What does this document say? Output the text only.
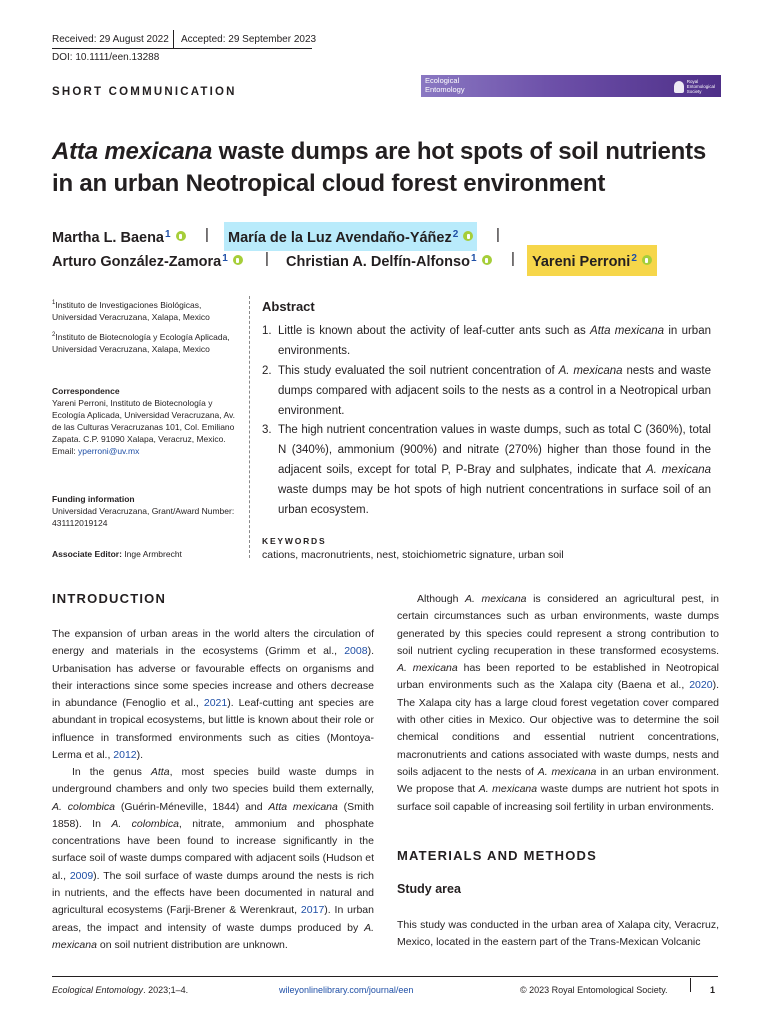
Received: 29 August 2022 Accepted: 29 September 2023
DOI: 10.1111/een.13288
SHORT COMMUNICATION
Ecological
Entomology
Royal
Entomological
Society
Atta mexicana waste dumps are hot spots of soil nutrients in an urban Neotropical cloud forest environment
Martha L. Baena$^1$	| María de la Luz Avendaño-Yáñez$^2$	|
Arturo González-Zamora$^1$	| Christian A. Delfín-Alfonso$^1$	|	Yareni Perroni$^2$
$^1$Instituto de Investigaciones Biológicas, Universidad Veracruzana, Xalapa, Mexico
$^2$Instituto de Biotecnología y Ecología Aplicada, Universidad Veracruzana, Xalapa, Mexico
Correspondence
Yareni Perroni, Instituto de Biotecnología y Ecología Aplicada, Universidad Veracruzana, Av. de las Culturas Veracruzanas 101, Col. Emiliano Zapata. C.P. 91090 Xalapa, Veracruz, Mexico.
Email: yperroni@uv.mx
Funding information
Universidad Veracruzana, Grant/Award Number: 431112019124
Associate Editor: Inge Armbrecht
Abstract
1. Little is known about the activity of leaf-cutter ants such as Atta mexicana in urban environments.
2. This study evaluated the soil nutrient concentration of A. mexicana nests and waste dumps compared with adjacent soils to the nests as a control in a Neotropical urban environment.
3. The high nutrient concentration values in waste dumps, such as total C (360%), total N (340%), ammonium (900%) and nitrate (270%) higher than those found in the adjacent soils, except for total P, P-Bray and sulphates, indicate that A. mexicana waste dumps may be hot spots of high nutrient concentrations in surface soil of an urban ecosystem.
KEYWORDS
cations, macronutrients, nest, stoichiometric signature, urban soil
INTRODUCTION

The expansion of urban areas in the world alters the circulation of energy and materials in the ecosystems (Grimm et al., 2008). Urbanisation has adverse or favourable effects on organisms and their interactions since some species increase and others decrease in abundance (Fenoglio et al., 2021). Leaf-cutting ant species are abundant in tropical ecosystems, but little is known about their role or influence in transformed environments such as cities (Montoya-Lerma et al., 2012).

In the genus Atta, most species build waste dumps in underground chambers and only two species build them externally, A. colombica (Guérin-Méneville, 1844) and Atta mexicana (Smith 1858). In A. colombica, nitrate, ammonium and phosphate concentrations have been found to increase significantly in the surface soil of waste dumps compared with adjacent soils (Hudson et al., 2009). The soil surface of waste dumps around the nests is rich in nutrients, and the effects have been documented in natural and agricultural ecosystems (Farji-Brener & Werenkraut, 2017). In urban areas, the impact and intensity of waste dumps produced by A. mexicana on soil nutrient distribution are unknown.

Although A. mexicana is considered an agricultural pest, in certain circumstances such as urban environments, waste dumps generated by this species could represent a strong contribution to soil nutrient cycling recuperation in these transformed ecosystems. A. mexicana has been reported to be established in Neotropical urban environments such as the Xalapa city (Baena et al., 2020). The Xalapa city has a large cloud forest vegetation cover compared with other cities in Mexico. Our objective was to determine the soil chemical conditions and essential nutrient concentrations, macronutrients and cations associated with waste dumps, nests and soils adjacent to the nests of A. mexicana in an urban environment. We propose that A. mexicana waste dumps are nutrient hot spots in surface soil capable of increasing soil fertility in urban environments.

MATERIALS AND METHODS
Study area

This study was conducted in the urban area of Xalapa city, Veracruz, Mexico, located in the eastern part of the Trans-Mexican Volcanic

Ecological Entomology. 2023;1–4.	wileyonlinelibrary.com/journal/een	© 2023 Royal Entomological Society.	1
